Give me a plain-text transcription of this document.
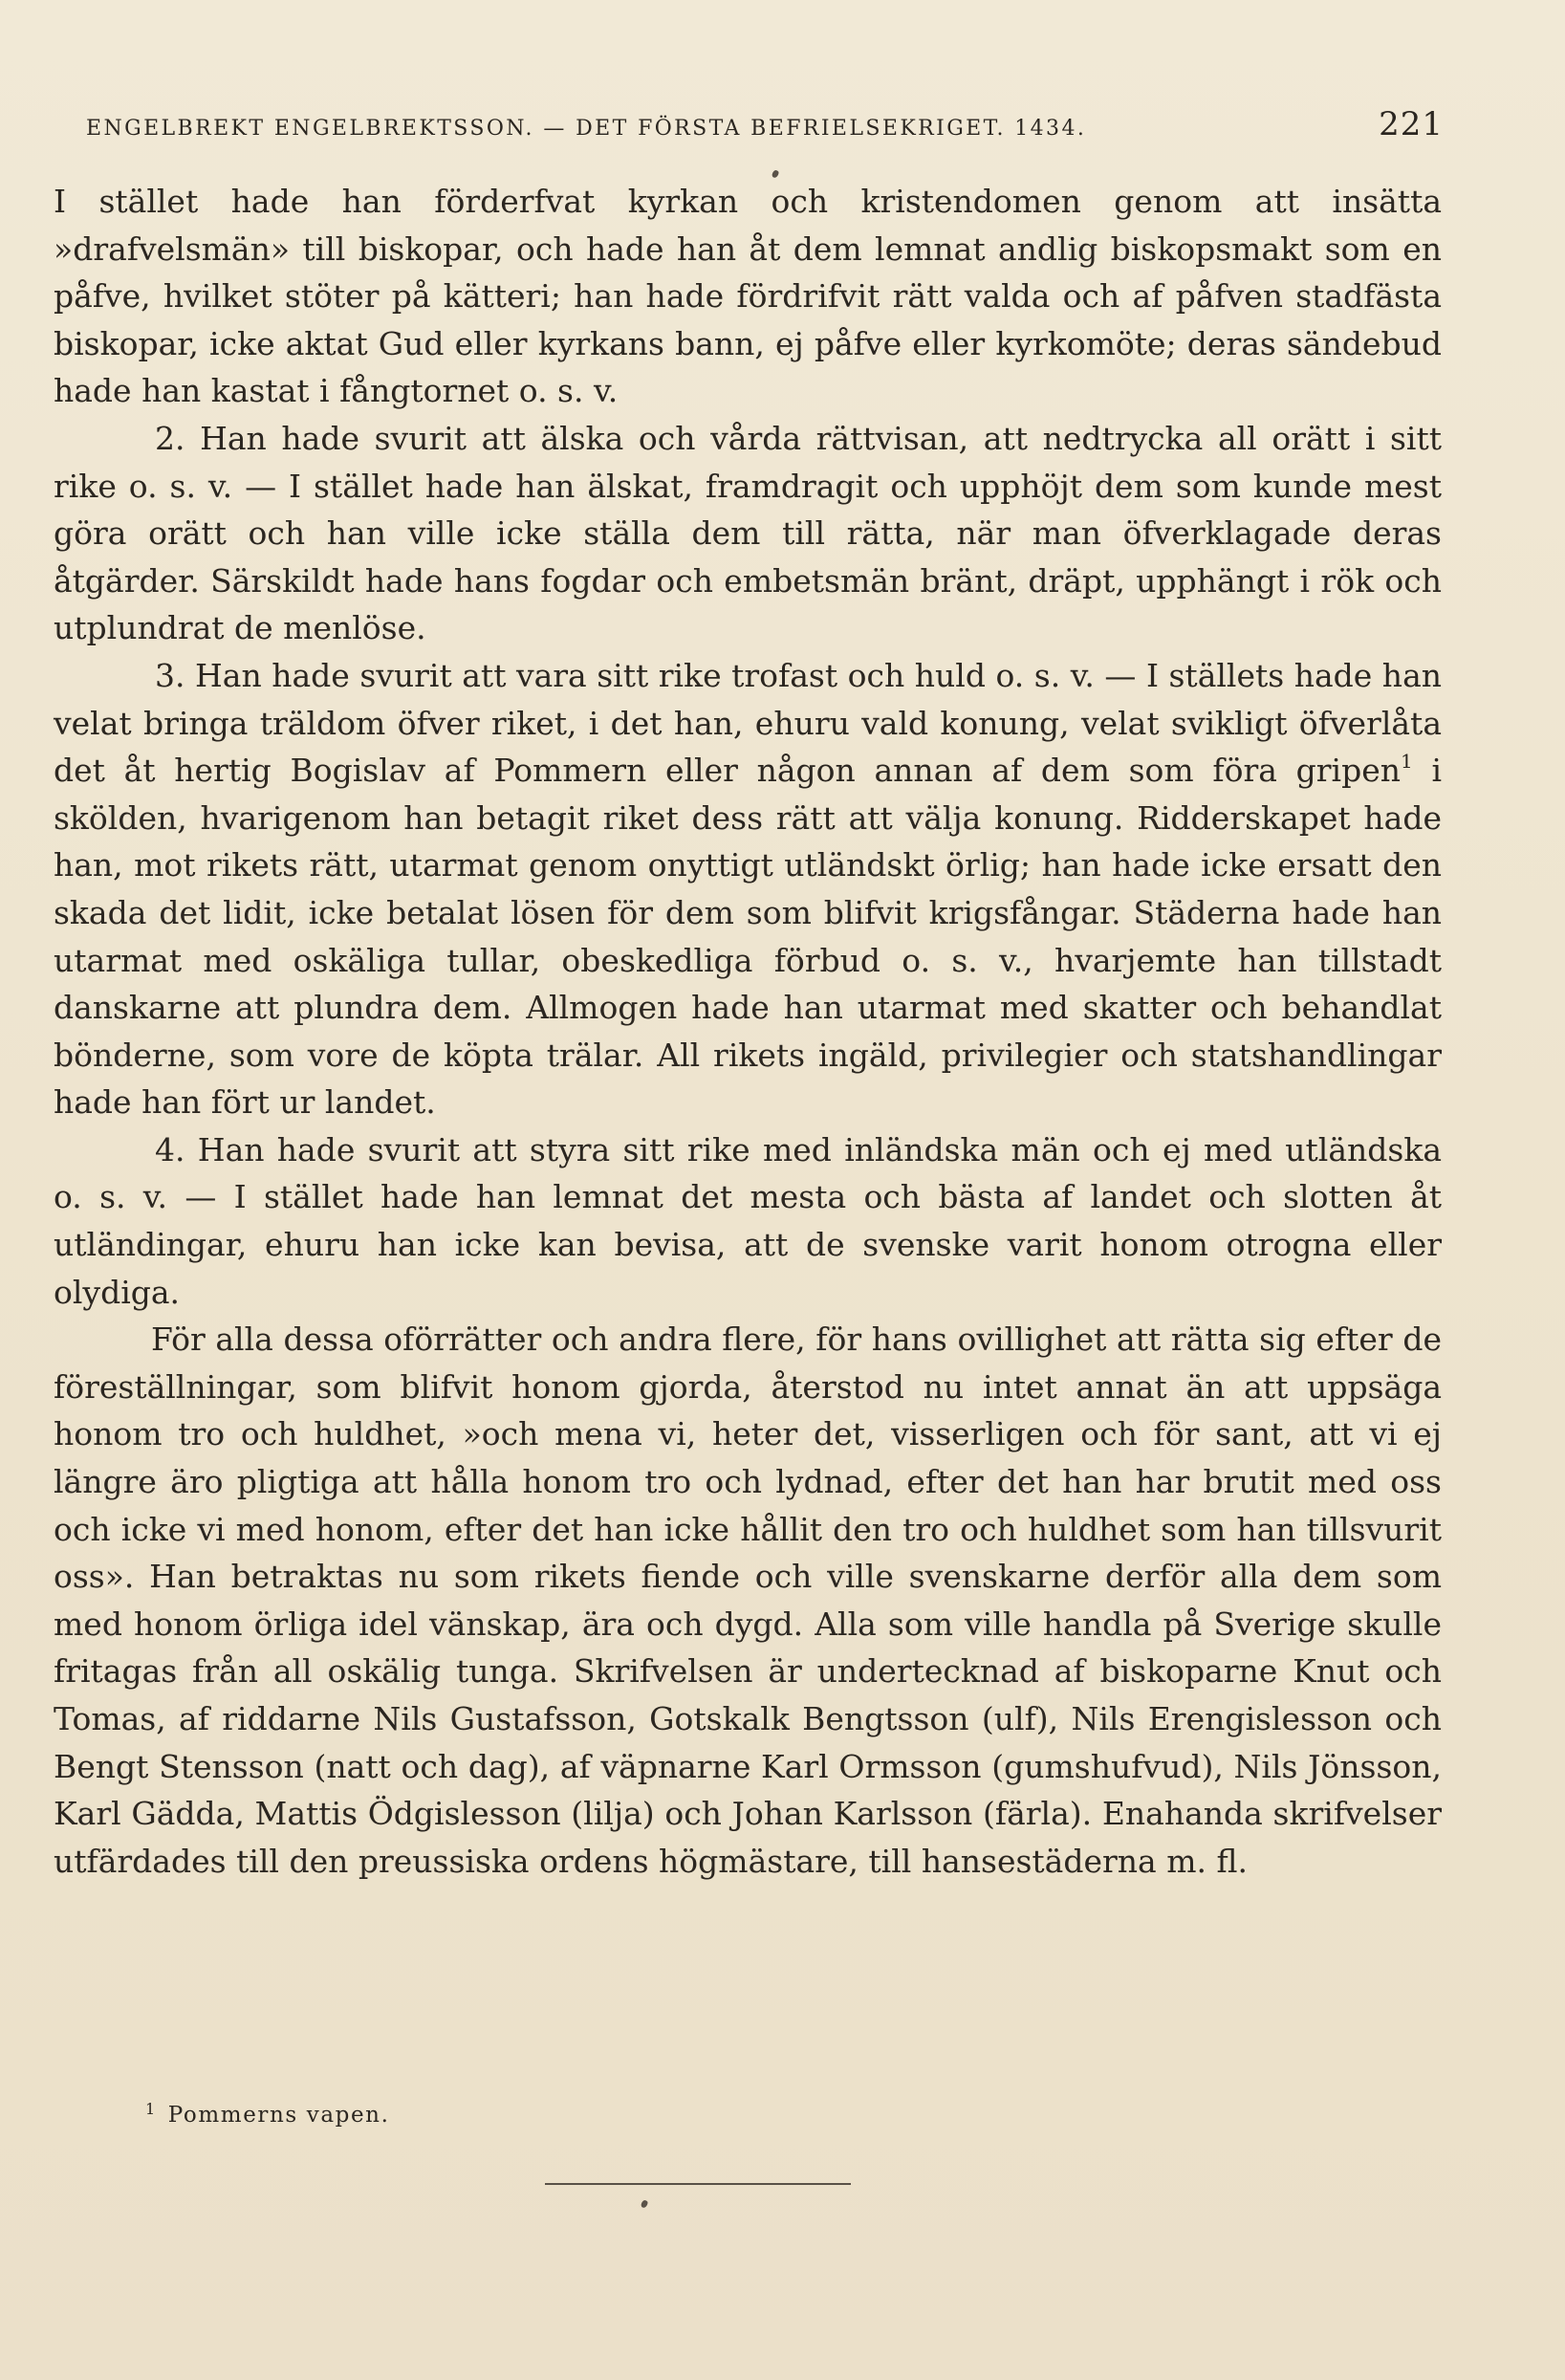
ENGELBREKT ENGELBREKTSSON. — DET FÖRSTA BEFRIELSEKRIGET. 1434.	221

I stället hade han förderfvat kyrkan och kristendomen genom att insätta »drafvelsmän» till biskopar, och hade han åt dem lemnat andlig biskopsmakt som en påfve, hvilket stöter på kätteri; han hade fördrifvit rätt valda och af påfven stadfästa biskopar, icke aktat Gud eller kyrkans bann, ej påfve eller kyrkomöte; deras sändebud hade han kastat i fångtornet o. s. v.

2. Han hade svurit att älska och vårda rättvisan, att nedtrycka all orätt i sitt rike o. s. v. — I stället hade han älskat, framdragit och upphöjt dem som kunde mest göra orätt och han ville icke ställa dem till rätta, när man öfverklagade deras åtgärder. Särskildt hade hans fogdar och embetsmän bränt, dräpt, upphängt i rök och utplundrat de menlöse.

3. Han hade svurit att vara sitt rike trofast och huld o. s. v. — I ställets hade han velat bringa träldom öfver riket, i det han, ehuru vald konung, velat svikligt öfverlåta det åt hertig Bogislav af Pommern eller någon annan af dem som föra gripen$^1$ i skölden, hvarigenom han betagit riket dess rätt att välja konung. Ridderskapet hade han, mot rikets rätt, utarmat genom onyttigt utländskt örlig; han hade icke ersatt den skada det lidit, icke betalat lösen för dem som blifvit krigsfångar. Städerna hade han utarmat med oskäliga tullar, obeskedliga förbud o. s. v., hvarjemte han tillstadt danskarne att plundra dem. Allmogen hade han utarmat med skatter och behandlat bönderne, som vore de köpta trälar. All rikets ingäld, privilegier och statshandlingar hade han fört ur landet.

4. Han hade svurit att styra sitt rike med inländska män och ej med utländska o. s. v. — I stället hade han lemnat det mesta och bästa af landet och slotten åt utländingar, ehuru han icke kan bevisa, att de svenske varit honom otrogna eller olydiga.

För alla dessa oförrätter och andra flere, för hans ovillighet att rätta sig efter de föreställningar, som blifvit honom gjorda, återstod nu intet annat än att uppsäga honom tro och huldhet, »och mena vi, heter det, visserligen och för sant, att vi ej längre äro pligtiga att hålla honom tro och lydnad, efter det han har brutit med oss och icke vi med honom, efter det han icke hållit den tro och huldhet som han tillsvurit oss». Han betraktas nu som rikets fiende och ville svenskarne derför alla dem som med honom örliga idel vänskap, ära och dygd. Alla som ville handla på Sverige skulle fritagas från all oskälig tunga. Skrifvelsen är undertecknad af biskoparne Knut och Tomas, af riddarne Nils Gustafsson, Gotskalk Bengtsson (ulf), Nils Erengislesson och Bengt Stensson (natt och dag), af väpnarne Karl Ormsson (gumshufvud), Nils Jönsson, Karl Gädda, Mattis Ödgislesson (lilja) och Johan Karlsson (färla). Enahanda skrifvelser utfärdades till den preussiska ordens högmästare, till hansestäderna m. fl.

$^1$ Pommerns vapen.
